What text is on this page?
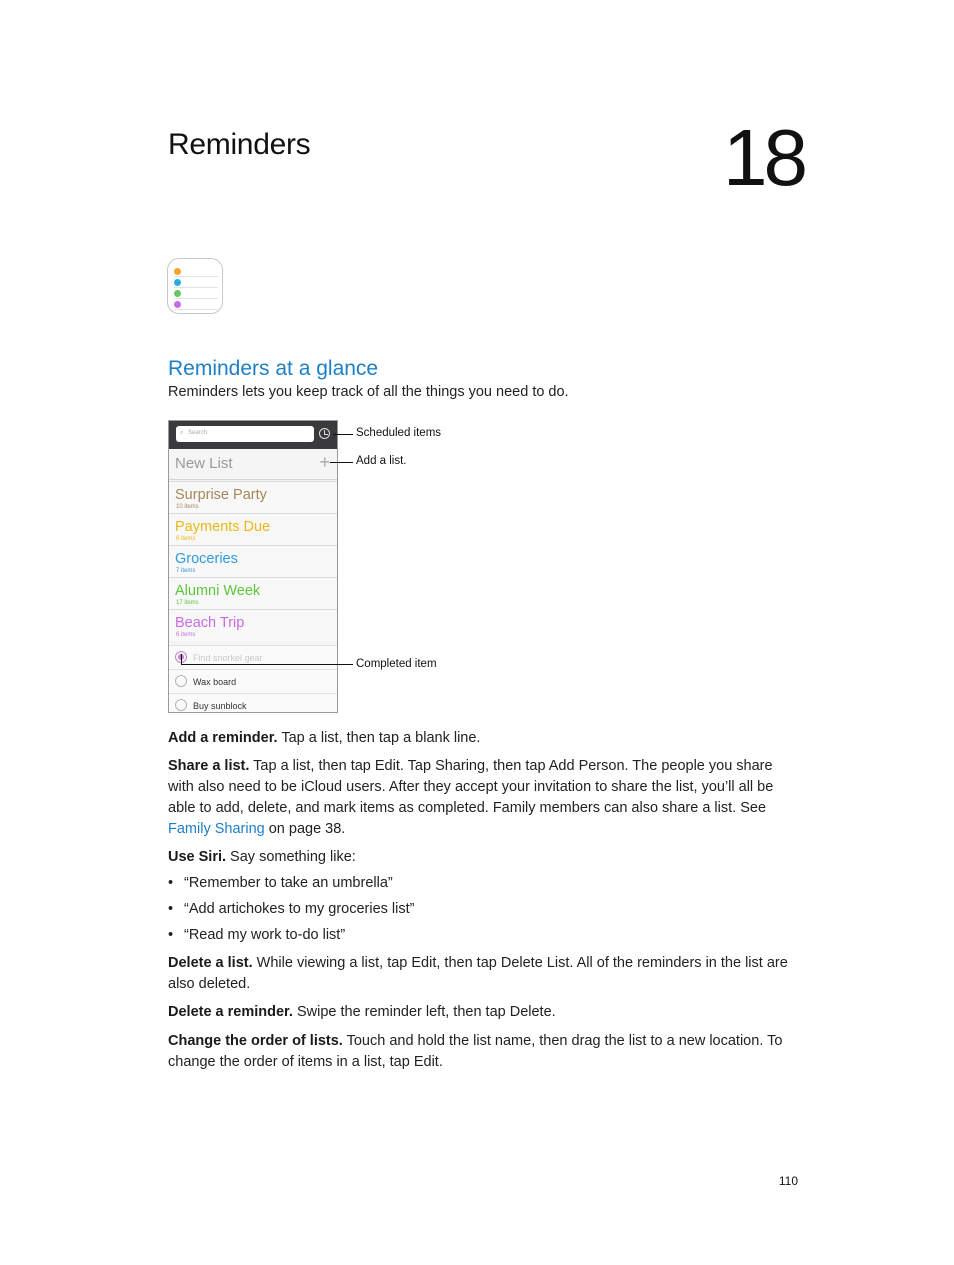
Reminders	18
Reminders at a glance
Reminders lets you keep track of all the things you need to do.
⌕ Search
New List	+
Surprise Party
10 items
Payments Due
6 items
Groceries
7 items
Alumni Week
17 items
Beach Trip
6 items
Find snorkel gear
Wax board
Buy sunblock
Scheduled items
Add a list.
Completed item
Add a reminder. Tap a list, then tap a blank line.
Share a list. Tap a list, then tap Edit. Tap Sharing, then tap Add Person. The people you share with also need to be iCloud users. After they accept your invitation to share the list, you’ll all be able to add, delete, and mark items as completed. Family members can also share a list. See Family Sharing on page 38.
Use Siri. Say something like:
• “Remember to take an umbrella”
• “Add artichokes to my groceries list”
• “Read my work to-do list”
Delete a list. While viewing a list, tap Edit, then tap Delete List. All of the reminders in the list are also deleted.
Delete a reminder. Swipe the reminder left, then tap Delete.
Change the order of lists. Touch and hold the list name, then drag the list to a new location. To change the order of items in a list, tap Edit.
110
